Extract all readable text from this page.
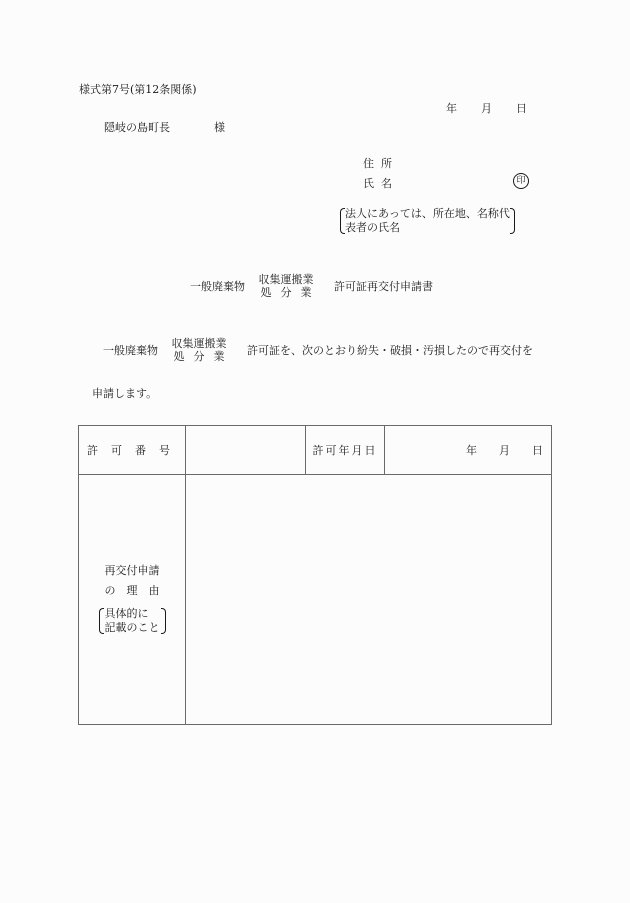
様式第7号(第12条関係)
年 月 日
隠岐の島町長	様
住所
氏名	印
法人にあっては、所在地、名称代
表者の氏名
一般廃棄物
収集運搬業
処分業 許可証再交付申請書
一般廃棄物
収集運搬業
処分業 許可証を、次のとおり紛失・破損・汚損したので再交付を
申請します。
許可番号		許可年月日	年 月 日

再交付申請
の理由
具体的に
記載のこと			
